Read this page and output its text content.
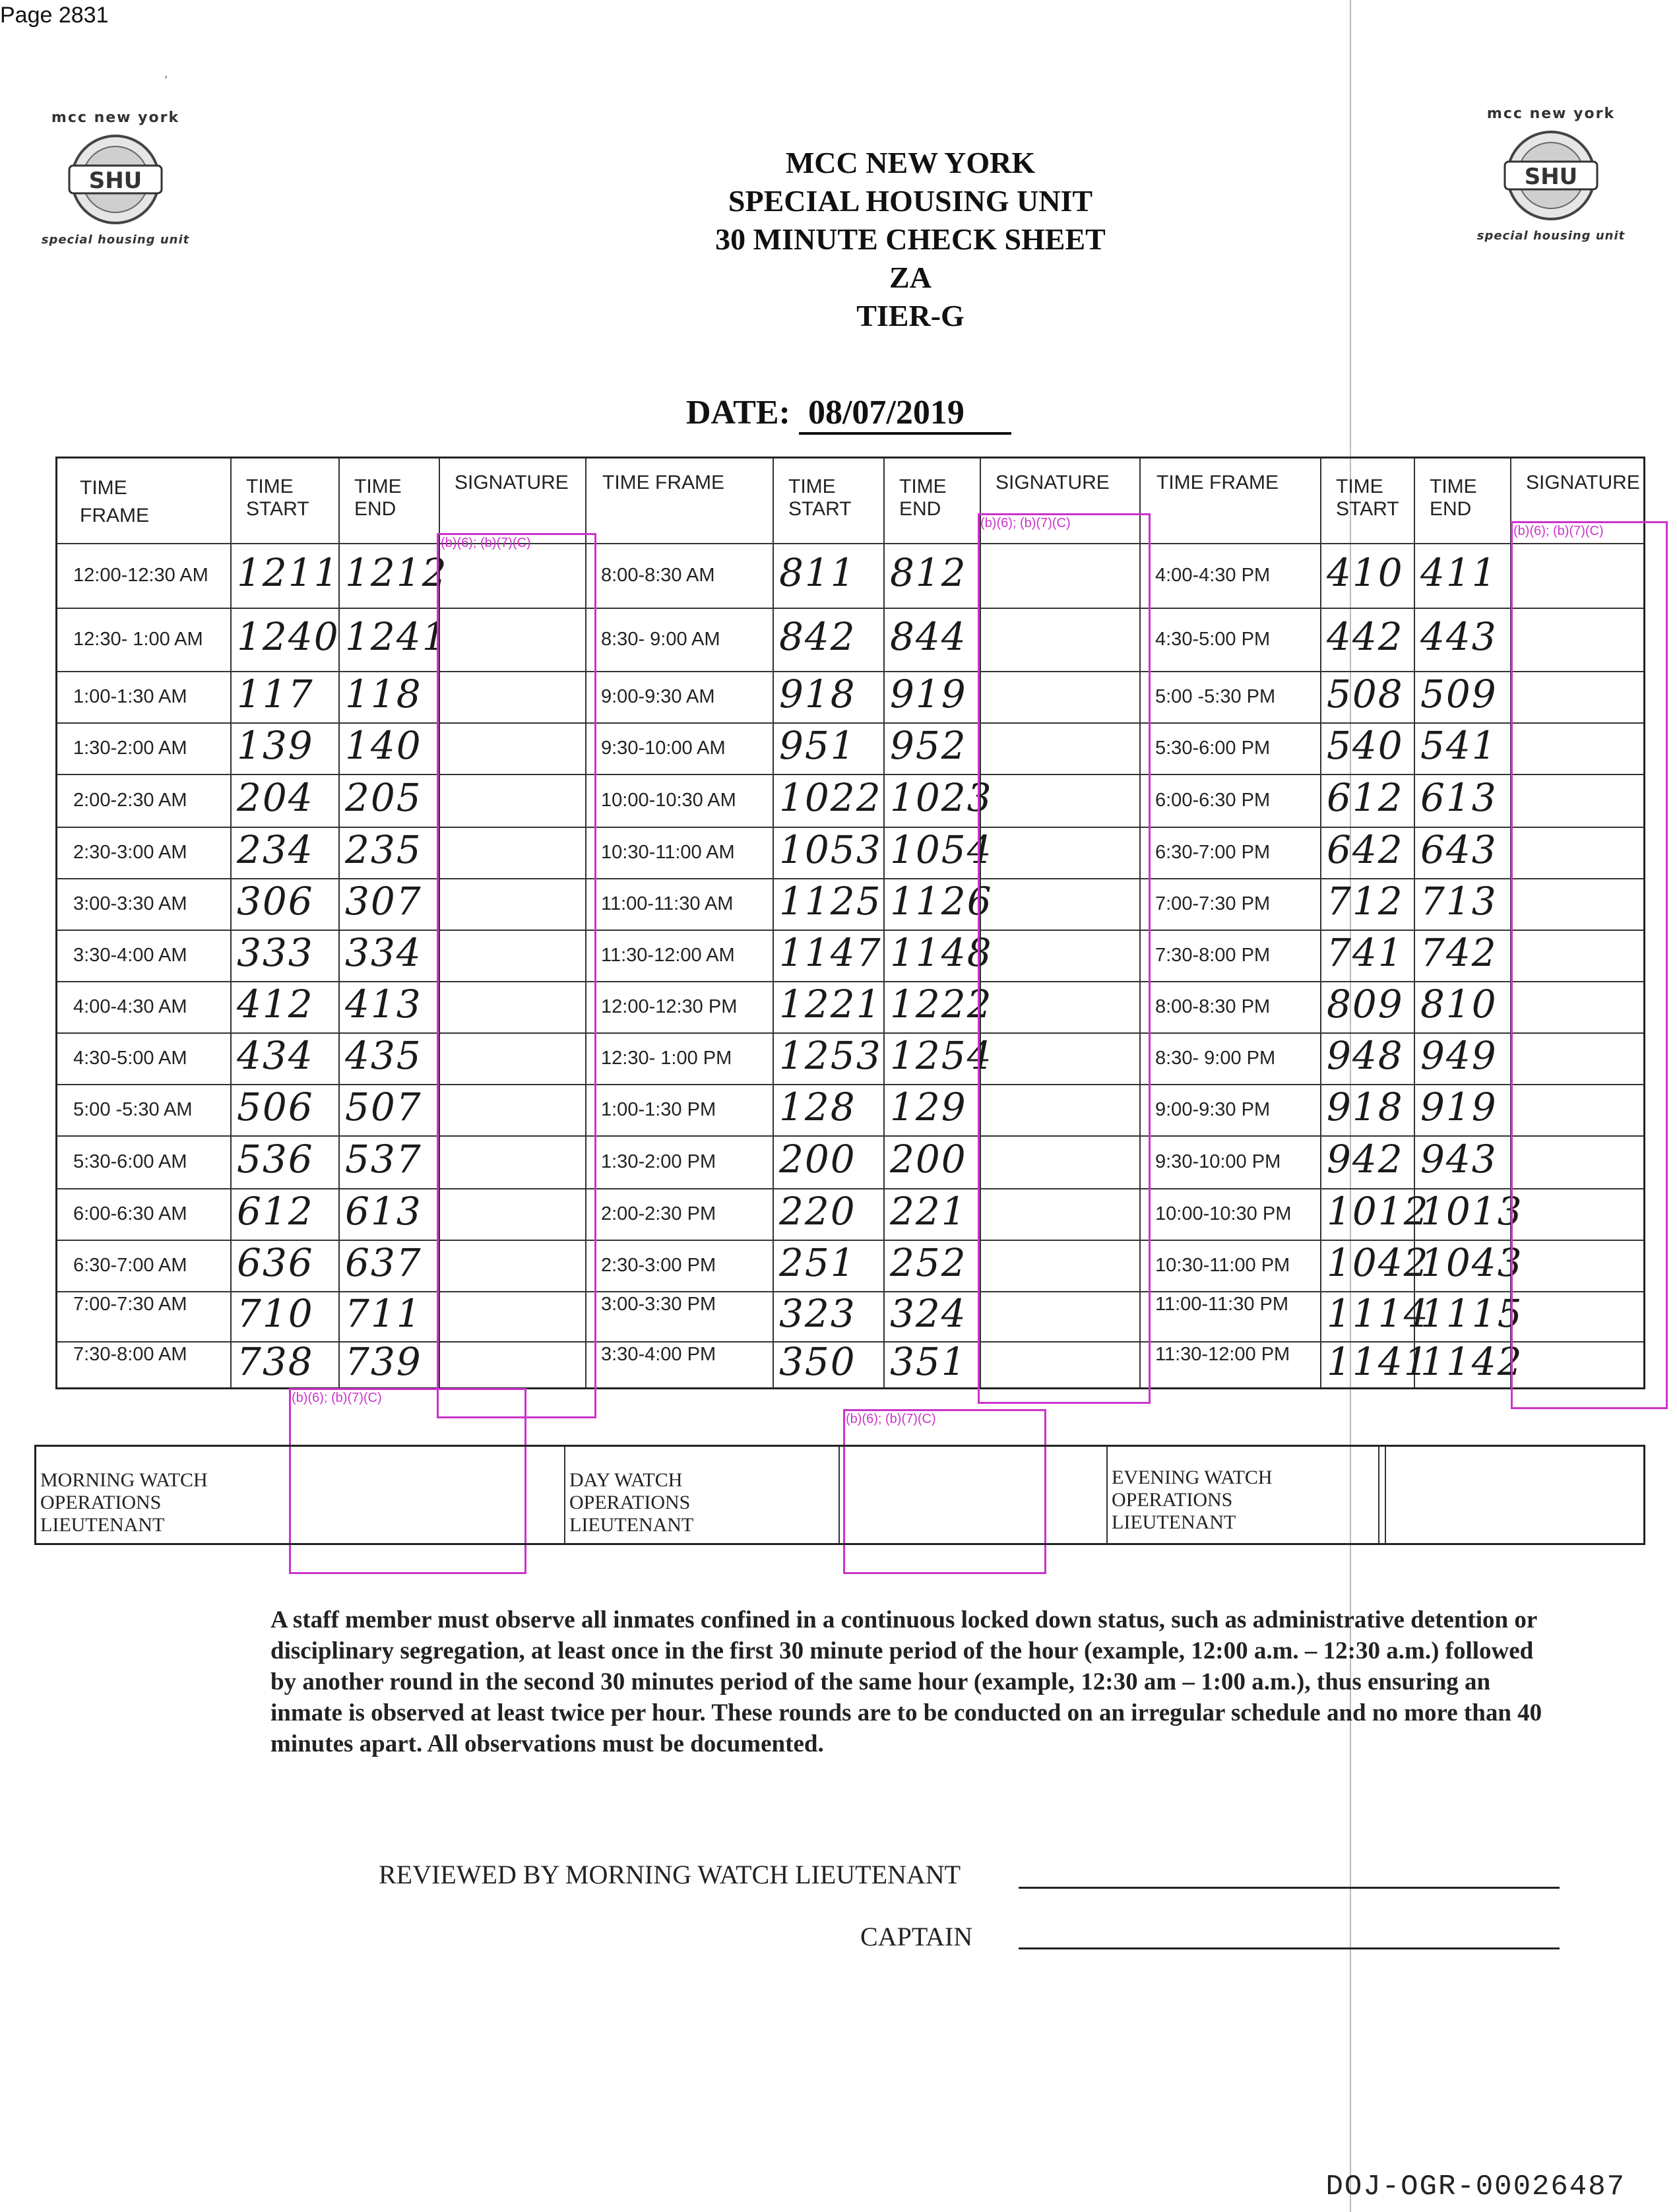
Page 2831
'
mcc new york
SHU
special housing unit
mcc new york
SHU
special housing unit
MCC NEW YORK
SPECIAL HOUSING UNIT
30 MINUTE CHECK SHEET
ZA
TIER-G
DATE: 08/07/2019
TIME
FRAME
TIME
START
TIME
END
SIGNATURE TIME FRAME	TIME
START
TIME
END
SIGNATURE TIME FRAME	TIME
START
TIME
END
SIGNATURE
12:00-12:30 AM 1211 1212
12:30- 1:00 AM 1240 1241
1:00-1:30 AM 117 118
1:30-2:00 AM 139 140
2:00-2:30 AM 204 205
2:30-3:00 AM 234 235
3:00-3:30 AM 306 307
3:30-4:00 AM 333 334
4:00-4:30 AM 412 413
4:30-5:00 AM 434 435
5:00 -5:30 AM 506 507
5:30-6:00 AM 536 537
6:00-6:30 AM 612 613
6:30-7:00 AM 636 637
7:00-7:30 AM 710 711
7:30-8:00 AM 738 739
8:00-8:30 AM 811 812
8:30- 9:00 AM 842 844
9:00-9:30 AM 918 919
9:30-10:00 AM 951 952
10:00-10:30 AM 1022 1023
10:30-11:00 AM 1053 1054
11:00-11:30 AM 1125 1126
11:30-12:00 AM 1147 1148
12:00-12:30 PM 1221 1222
12:30- 1:00 PM 1253 1254
1:00-1:30 PM 128 129
1:30-2:00 PM 200 200
2:00-2:30 PM 220 221
2:30-3:00 PM 251 252
3:00-3:30 PM 323 324
3:30-4:00 PM 350 351
4:00-4:30 PM 410 411
4:30-5:00 PM 442 443
5:00 -5:30 PM 508 509
5:30-6:00 PM 540 541
6:00-6:30 PM 612 613
6:30-7:00 PM 642 643
7:00-7:30 PM 712 713
7:30-8:00 PM 741 742
8:00-8:30 PM 809 810
8:30- 9:00 PM 948 949
9:00-9:30 PM 918 919
9:30-10:00 PM 942 943
10:00-10:30 PM 1012
1013
10:30-11:00 PM 1042
1043
11:00-11:30 PM 1114
1115
11:30-12:00 PM 1141
1142
(b)(6); (b)(7)(C)
(b)(6); (b)(7)(C)
(b)(6); (b)(7)(C)
(b)(6); (b)(7)(C)
(b)(6); (b)(7)(C)
MORNING WATCH
OPERATIONS
LIEUTENANT
DAY WATCH
OPERATIONS
LIEUTENANT
EVENING WATCH
OPERATIONS
LIEUTENANT
A staff member must observe all inmates confined in a continuous locked down status, such as administrative detention or disciplinary segregation, at least once in the first 30 minute period of the hour (example, 12:00 a.m. – 12:30 a.m.) followed by another round in the second 30 minutes period of the same hour (example, 12:30 am – 1:00 a.m.), thus ensuring an inmate is observed at least twice per hour. These rounds are to be conducted on an irregular schedule and no more than 40 minutes apart. All observations must be documented.
REVIEWED BY MORNING WATCH LIEUTENANT
CAPTAIN
DOJ-OGR-00026487
